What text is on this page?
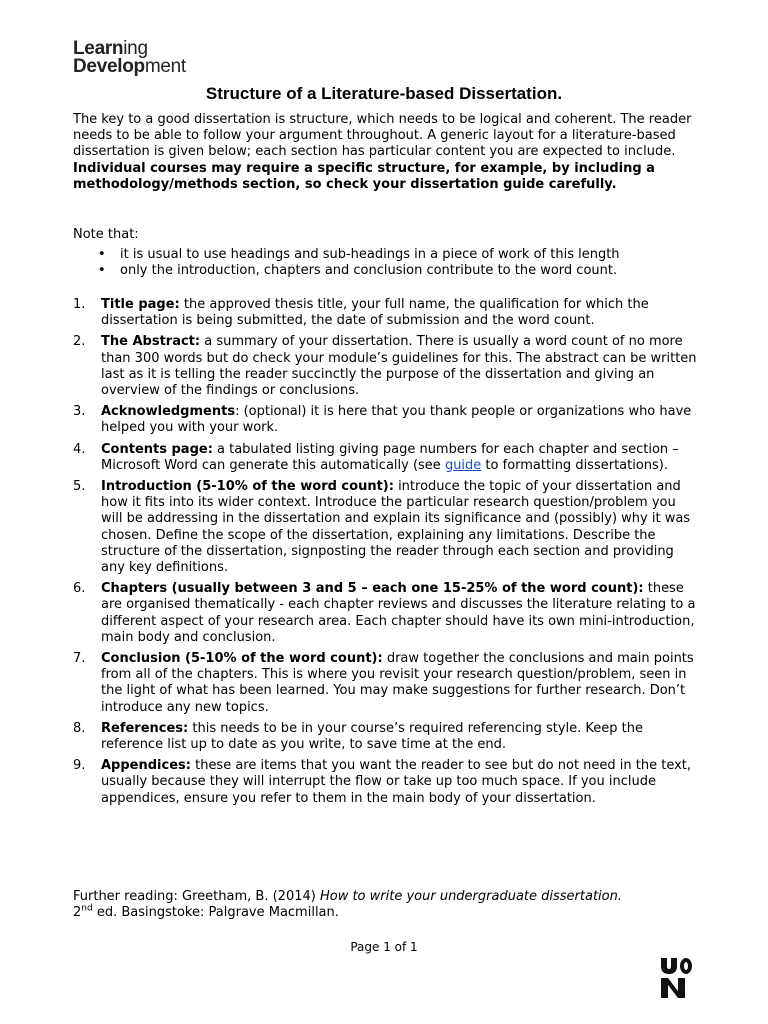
Learning
Development
Structure of a Literature-based Dissertation.
The key to a good dissertation is structure, which needs to be logical and coherent. The reader needs to be able to follow your argument throughout. A generic layout for a literature-based dissertation is given below; each section has particular content you are expected to include. Individual courses may require a specific structure, for example, by including a methodology/methods section, so check your dissertation guide carefully.
Note that:
• it is usual to use headings and sub-headings in a piece of work of this length
• only the introduction, chapters and conclusion contribute to the word count.
1. Title page: the approved thesis title, your full name, the qualification for which the dissertation is being submitted, the date of submission and the word count.
2. The Abstract: a summary of your dissertation. There is usually a word count of no more than 300 words but do check your module’s guidelines for this. The abstract can be written last as it is telling the reader succinctly the purpose of the dissertation and giving an overview of the findings or conclusions.
3. Acknowledgments: (optional) it is here that you thank people or organizations who have helped you with your work.
4. Contents page: a tabulated listing giving page numbers for each chapter and section – Microsoft Word can generate this automatically (see guide to formatting dissertations).
5. Introduction (5-10% of the word count): introduce the topic of your dissertation and how it fits into its wider context. Introduce the particular research question/problem you will be addressing in the dissertation and explain its significance and (possibly) why it was chosen. Define the scope of the dissertation, explaining any limitations. Describe the structure of the dissertation, signposting the reader through each section and providing any key definitions.
6. Chapters (usually between 3 and 5 – each one 15-25% of the word count): these are organised thematically - each chapter reviews and discusses the literature relating to a different aspect of your research area. Each chapter should have its own mini-introduction, main body and conclusion.
7. Conclusion (5-10% of the word count): draw together the conclusions and main points from all of the chapters. This is where you revisit your research question/problem, seen in the light of what has been learned. You may make suggestions for further research. Don’t introduce any new topics.
8. References: this needs to be in your course’s required referencing style. Keep the reference list up to date as you write, to save time at the end.
9. Appendices: these are items that you want the reader to see but do not need in the text, usually because they will interrupt the flow or take up too much space. If you include appendices, ensure you refer to them in the main body of your dissertation.
Further reading: Greetham, B. (2014) How to write your undergraduate dissertation.
2nd ed. Basingstoke: Palgrave Macmillan.
Page 1 of 1
